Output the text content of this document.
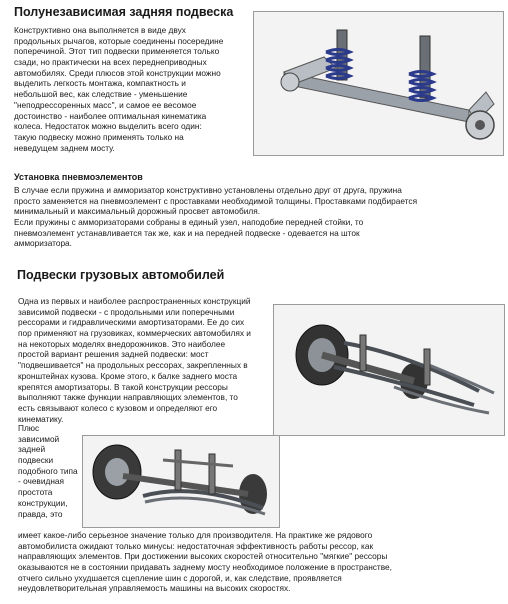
Полунезависимая задняя подвеска
Конструктивно она выполняется в виде двух
продольных рычагов, которые соединены посередине
поперечиной. Этот тип подвески применяется только
сзади, но практически на всех переднеприводных
автомобилях. Среди плюсов этой конструкции можно
выделить легкость монтажа, компактность и
небольшой вес, как следствие - уменьшение
"неподрессоренных масс", и самое ее весомое
достоинство - наиболее оптимальная кинематика
колеса. Недостаток можно выделить всего один:
такую подвеску можно применять только на
неведущем заднем мосту.
Установка пневмоэлементов
В случае если пружина и амморизатор конструктивно установлены отдельно друг от друга, пружина
просто заменяется на пневмоэлемент с проставками необходимой толщины. Проставками подбирается
минимальный и максимальный дорожный просвет автомобиля.
Если пружины с амморизаторами собраны в единый узел, наподобие передней стойки, то
пневмоэлемент устанавливается так же, как и на передней подвеске - одевается на шток
амморизатора.
Подвески грузовых автомобилей
Одна из первых и наиболее распространенных конструкций
зависимой подвески - с продольными или поперечными
рессорами и гидравлическими амортизаторами. Ее до сих
пор применяют на грузовиках, коммерческих автомобилях и
на некоторых моделях внедорожников. Это наиболее
простой вариант решения задней подвески: мост
"подвешивается" на продольных рессорах, закрепленных в
кронштейнах кузова. Кроме этого, к балке заднего моста
крепятся амортизаторы. В такой конструкции рессоры
выполняют также функции направляющих элементов, то
есть связывают колесо с кузовом и определяют его
кинематику.
Плюс
зависимой
задней
подвески
подобного типа
- очевидная
простота
конструкции,
правда, это
имеет какое-либо серьезное значение только для производителя. На практике же рядового
автомобилиста ожидают только минусы: недостаточная эффективность работы рессор, как
направляющих элементов. При достижении высоких скоростей относительно "мягкие" рессоры
оказываются не в состоянии придавать заднему мосту необходимое положение в пространстве,
отчего сильно ухудшается сцепление шин с дорогой, и, как следствие, проявляется
неудовлетворительная управляемость машины на высоких скоростях.
